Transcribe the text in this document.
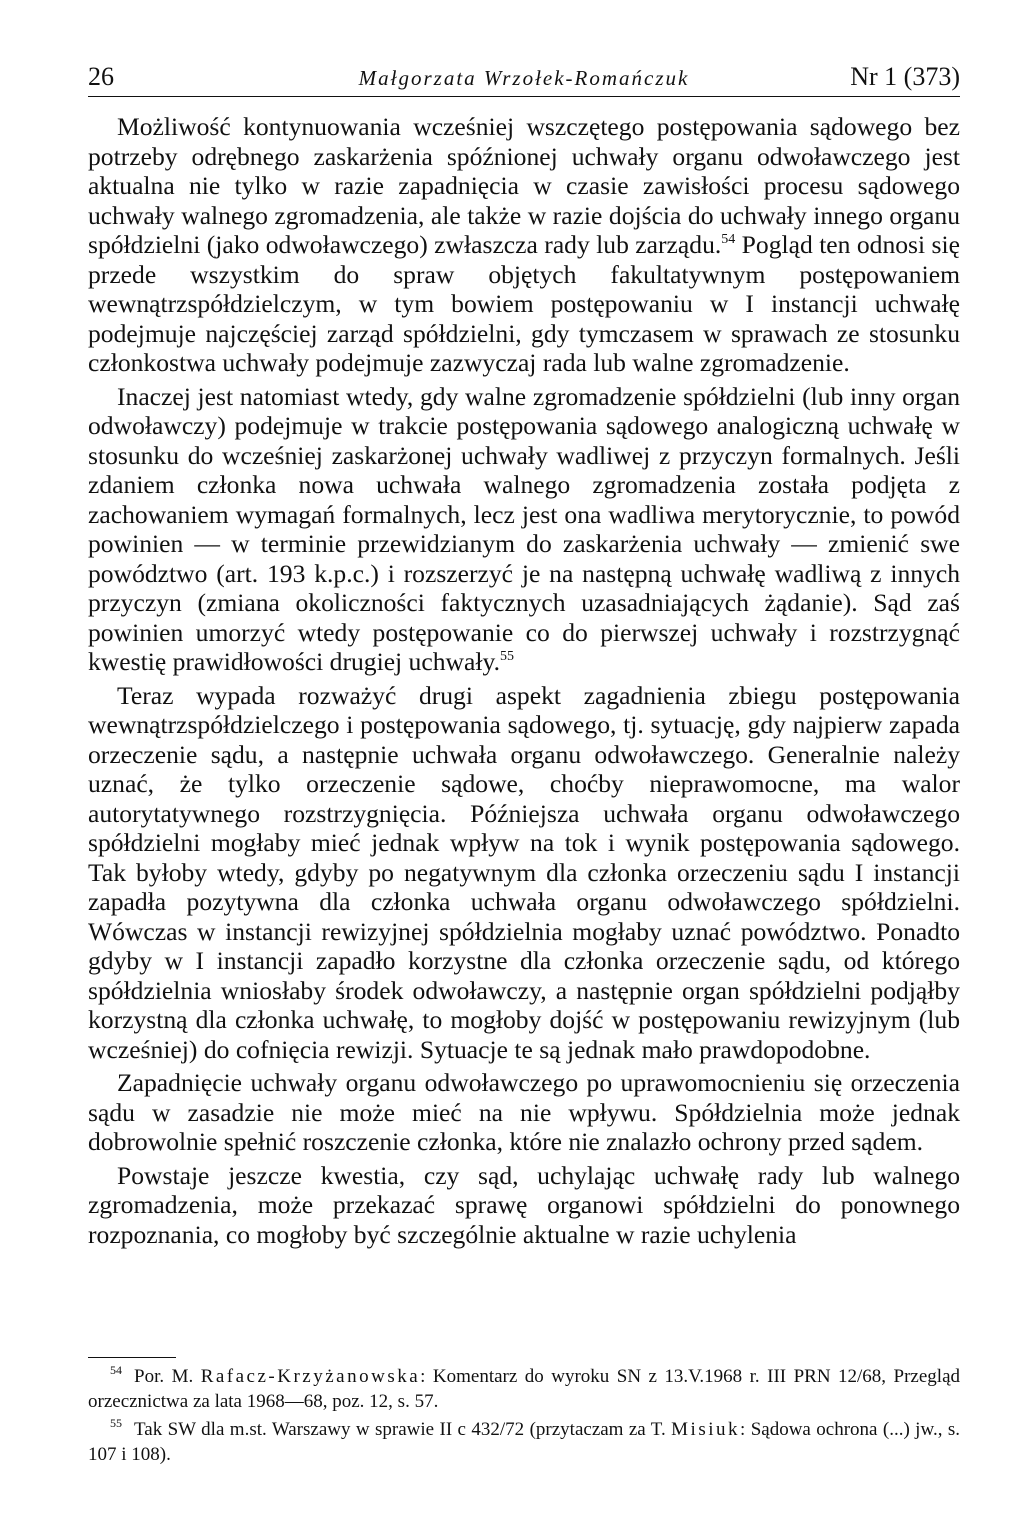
26	Małgorzata Wrzołek-Romańczuk	Nr 1 (373)

Możliwość kontynuowania wcześniej wszczętego postępowania sądowego bez potrzeby odrębnego zaskarżenia spóźnionej uchwały organu odwoławczego jest aktualna nie tylko w razie zapadnięcia w czasie zawisłości procesu sądowego uchwały walnego zgromadzenia, ale także w razie dojścia do uchwały innego organu spółdzielni (jako odwoławczego) zwłaszcza rady lub zarządu.$^{54}$ Pogląd ten odnosi się przede wszystkim do spraw objętych fakultatywnym postępowaniem wewnątrzspółdzielczym, w tym bowiem postępowaniu w I instancji uchwałę podejmuje najczęściej zarząd spółdzielni, gdy tymczasem w sprawach ze stosunku członkostwa uchwały podejmuje zazwyczaj rada lub walne zgromadzenie.

Inaczej jest natomiast wtedy, gdy walne zgromadzenie spółdzielni (lub inny organ odwoławczy) podejmuje w trakcie postępowania sądowego analogiczną uchwałę w stosunku do wcześniej zaskarżonej uchwały wadliwej z przyczyn formalnych. Jeśli zdaniem członka nowa uchwała walnego zgromadzenia została podjęta z zachowaniem wymagań formalnych, lecz jest ona wadliwa merytorycznie, to powód powinien — w terminie przewidzianym do zaskarżenia uchwały — zmienić swe powództwo (art. 193 k.p.c.) i rozszerzyć je na następną uchwałę wadliwą z innych przyczyn (zmiana okoliczności faktycznych uzasadniających żądanie). Sąd zaś powinien umorzyć wtedy postępowanie co do pierwszej uchwały i rozstrzygnąć kwestię prawidłowości drugiej uchwały.$^{55}$

Teraz wypada rozważyć drugi aspekt zagadnienia zbiegu postępowania wewnątrzspółdzielczego i postępowania sądowego, tj. sytuację, gdy najpierw zapada orzeczenie sądu, a następnie uchwała organu odwoławczego. Generalnie należy uznać, że tylko orzeczenie sądowe, choćby nieprawomocne, ma walor autorytatywnego rozstrzygnięcia. Późniejsza uchwała organu odwoławczego spółdzielni mogłaby mieć jednak wpływ na tok i wynik postępowania sądowego. Tak byłoby wtedy, gdyby po negatywnym dla członka orzeczeniu sądu I instancji zapadła pozytywna dla członka uchwała organu odwoławczego spółdzielni. Wówczas w instancji rewizyjnej spółdzielnia mogłaby uznać powództwo. Ponadto gdyby w I instancji zapadło korzystne dla członka orzeczenie sądu, od którego spółdzielnia wniosłaby środek odwoławczy, a następnie organ spółdzielni podjąłby korzystną dla członka uchwałę, to mogłoby dojść w postępowaniu rewizyjnym (lub wcześniej) do cofnięcia rewizji. Sytuacje te są jednak mało prawdopodobne.

Zapadnięcie uchwały organu odwoławczego po uprawomocnieniu się orzeczenia sądu w zasadzie nie może mieć na nie wpływu. Spółdzielnia może jednak dobrowolnie spełnić roszczenie członka, które nie znalazło ochrony przed sądem.

Powstaje jeszcze kwestia, czy sąd, uchylając uchwałę rady lub walnego zgromadzenia, może przekazać sprawę organowi spółdzielni do ponownego rozpoznania, co mogłoby być szczególnie aktualne w razie uchylenia

$^{54}$ Por. M. Rafacz-Krzyżanowska: Komentarz do wyroku SN z 13.V.1968 r. III PRN 12/68, Przegląd orzecznictwa za lata 1968—68, poz. 12, s. 57.

$^{55}$ Tak SW dla m.st. Warszawy w sprawie II c 432/72 (przytaczam za T. Misiuk: Sądowa ochrona (...) jw., s. 107 i 108).
